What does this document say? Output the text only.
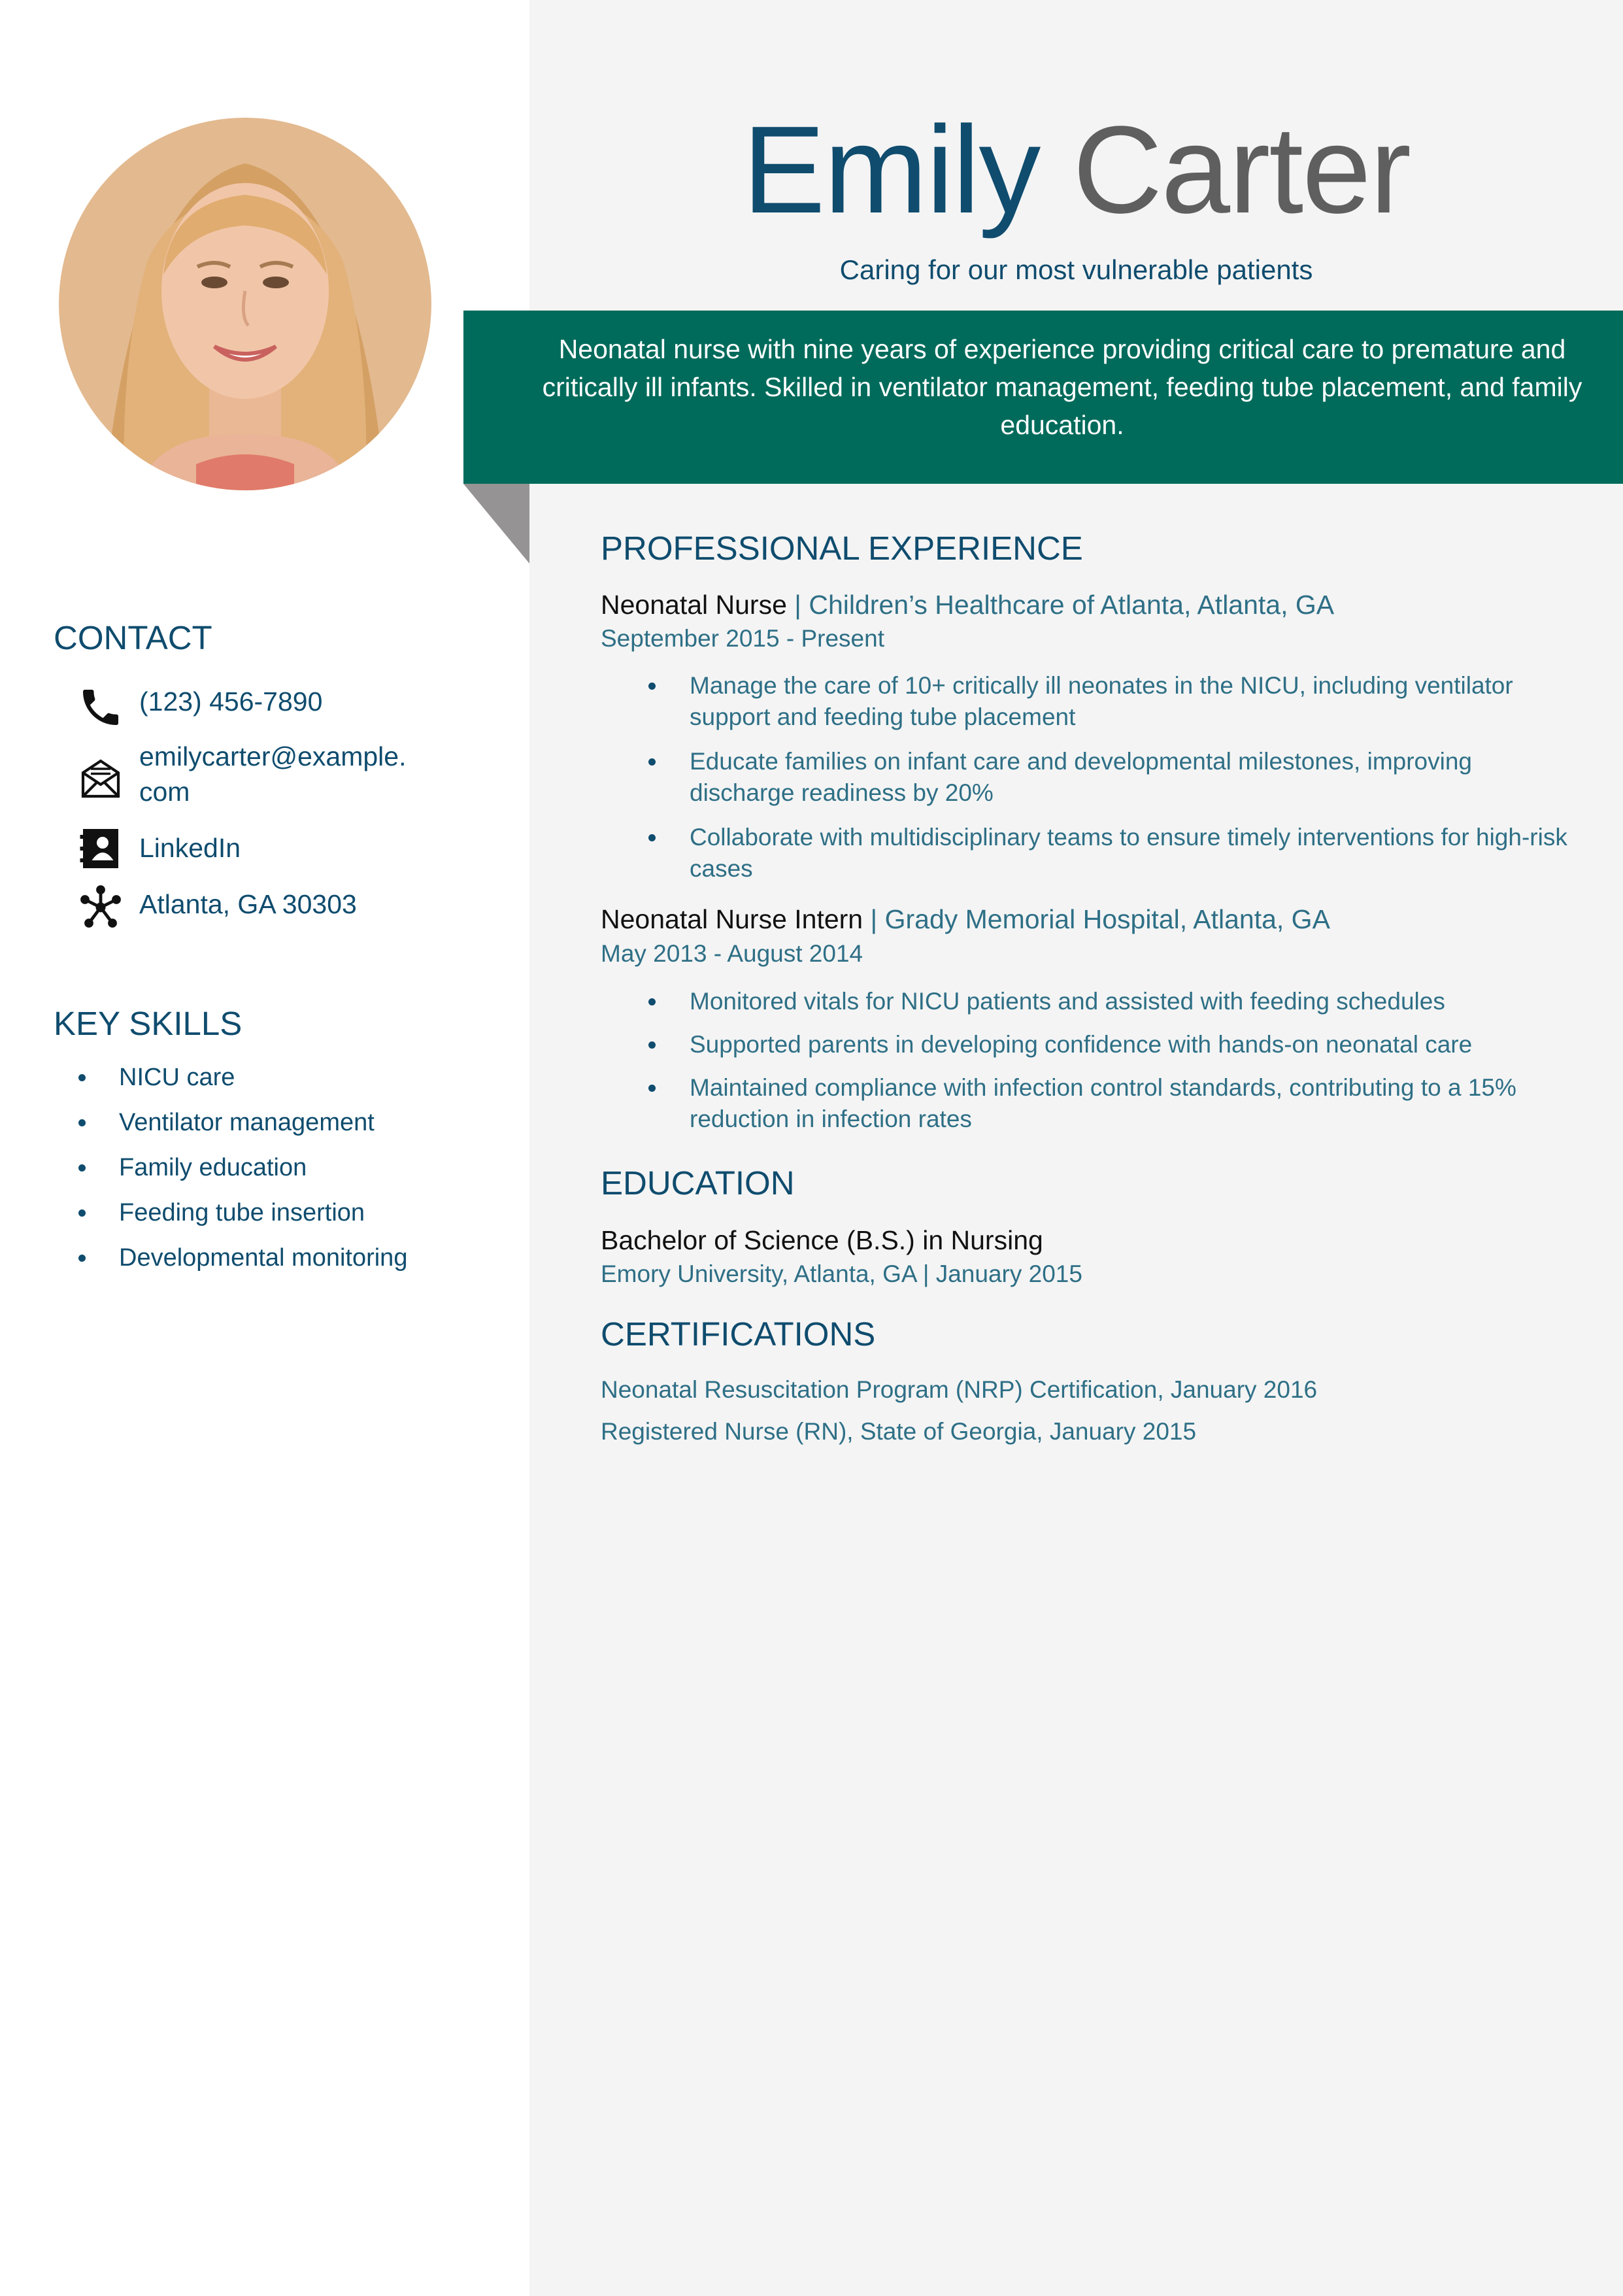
Emily Carter
Caring for our most vulnerable patients
Neonatal nurse with nine years of experience providing critical care to premature and critically ill infants. Skilled in ventilator management, feeding tube placement, and family education.
CONTACT
(123) 456-7890
emilycarter@example.
com
LinkedIn
Atlanta, GA 30303
KEY SKILLS
NICU care
Ventilator management
Family education
Feeding tube insertion
Developmental monitoring
PROFESSIONAL EXPERIENCE
Neonatal Nurse | Children’s Healthcare of Atlanta, Atlanta, GA
September 2015 - Present
Manage the care of 10+ critically ill neonates in the NICU, including ventilator support and feeding tube placement
Educate families on infant care and developmental milestones, improving discharge readiness by 20%
Collaborate with multidisciplinary teams to ensure timely interventions for high-risk cases
Neonatal Nurse Intern | Grady Memorial Hospital, Atlanta, GA
May 2013 - August 2014
Monitored vitals for NICU patients and assisted with feeding schedules
Supported parents in developing confidence with hands-on neonatal care
Maintained compliance with infection control standards, contributing to a 15% reduction in infection rates
EDUCATION
Bachelor of Science (B.S.) in Nursing
Emory University, Atlanta, GA | January 2015
CERTIFICATIONS
Neonatal Resuscitation Program (NRP) Certification, January 2016
Registered Nurse (RN), State of Georgia, January 2015
